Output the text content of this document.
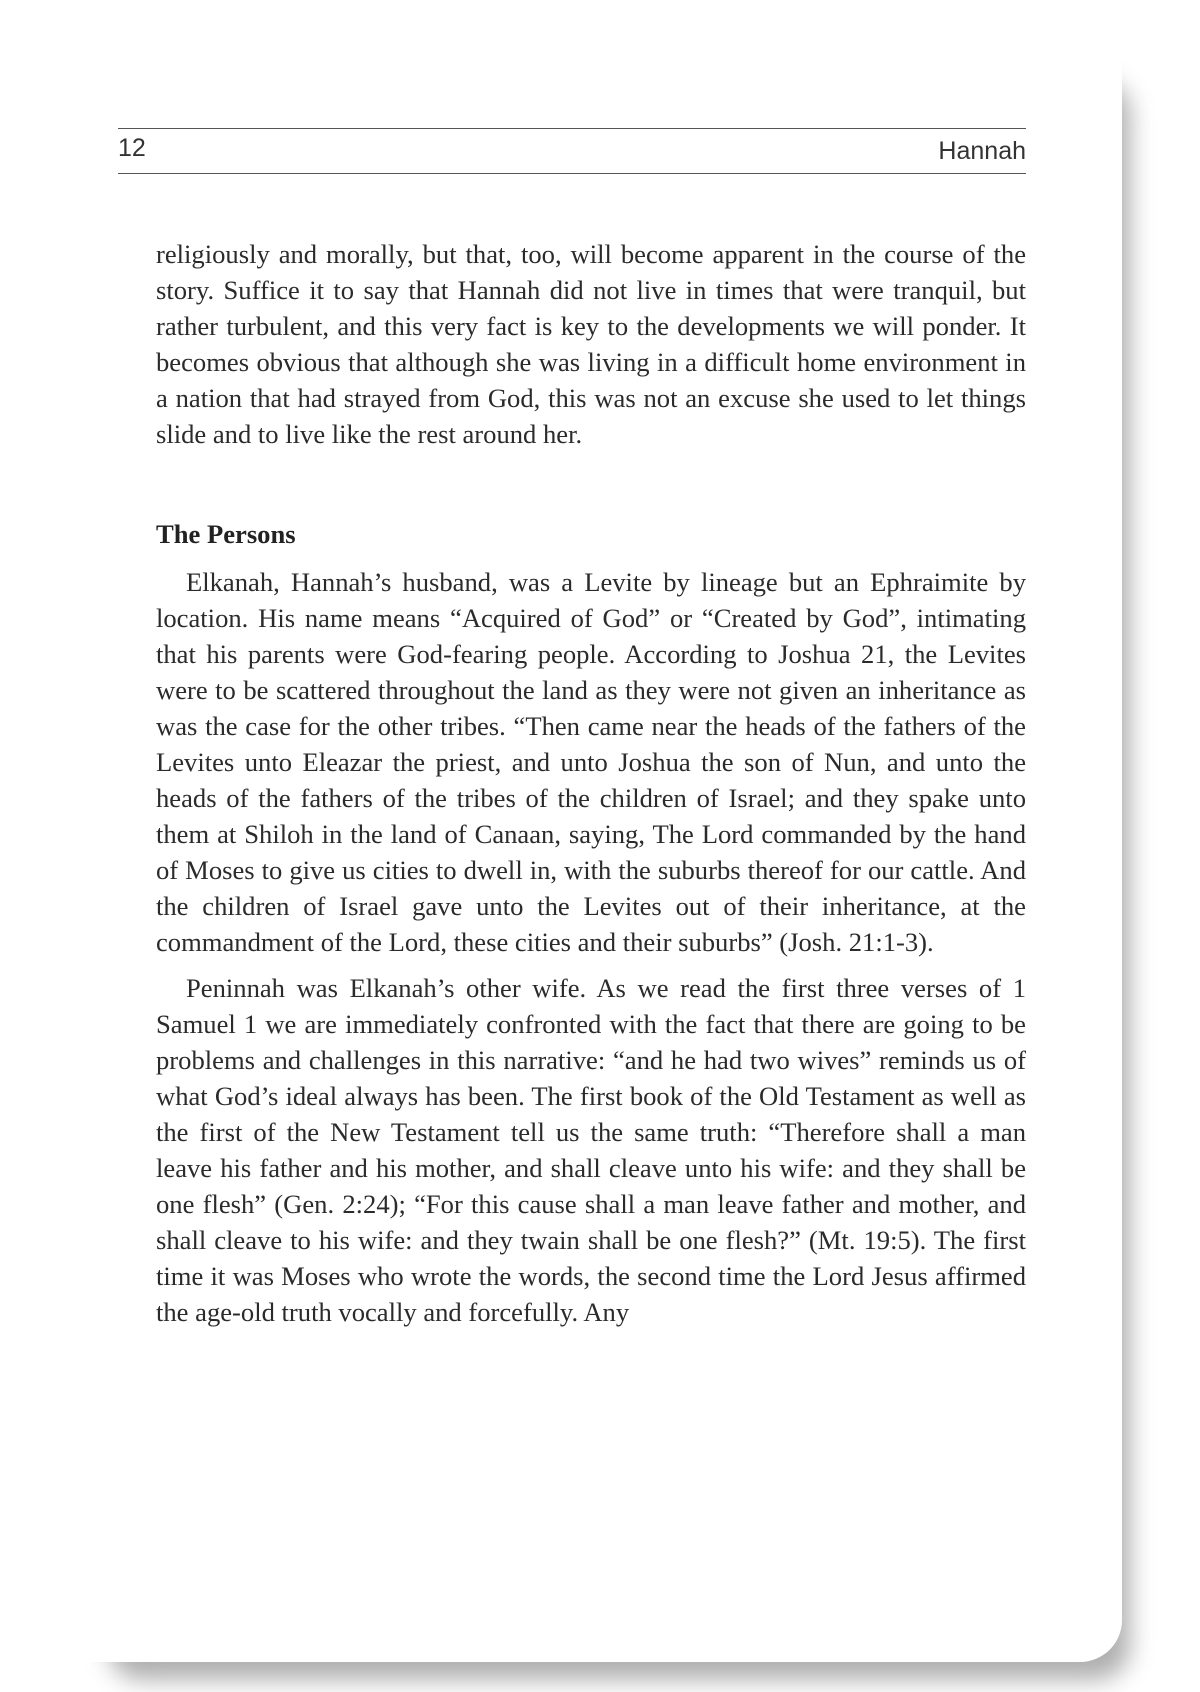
12	Hannah

religiously and morally, but that, too, will become apparent in the course of the story. Suffice it to say that Hannah did not live in times that were tranquil, but rather turbulent, and this very fact is key to the developments we will ponder. It becomes obvious that although she was living in a difficult home environment in a nation that had strayed from God, this was not an excuse she used to let things slide and to live like the rest around her.

The Persons

Elkanah, Hannah’s husband, was a Levite by lineage but an Ephraimite by location. His name means “Acquired of God” or “Created by God”, intimating that his parents were God-fearing people. According to Joshua 21, the Levites were to be scattered throughout the land as they were not given an inheritance as was the case for the other tribes. “Then came near the heads of the fathers of the Levites unto Eleazar the priest, and unto Joshua the son of Nun, and unto the heads of the fathers of the tribes of the children of Israel; and they spake unto them at Shiloh in the land of Canaan, saying, The Lord commanded by the hand of Moses to give us cities to dwell in, with the suburbs thereof for our cattle. And the children of Israel gave unto the Levites out of their inheritance, at the commandment of the Lord, these cities and their suburbs” (Josh. 21:1-3).

Peninnah was Elkanah’s other wife. As we read the first three verses of 1 Samuel 1 we are immediately confronted with the fact that there are going to be problems and challenges in this narrative: “and he had two wives” reminds us of what God’s ideal always has been. The first book of the Old Testament as well as the first of the New Testament tell us the same truth: “Therefore shall a man leave his father and his mother, and shall cleave unto his wife: and they shall be one flesh” (Gen. 2:24); “For this cause shall a man leave father and mother, and shall cleave to his wife: and they twain shall be one flesh?” (Mt. 19:5). The first time it was Moses who wrote the words, the second time the Lord Jesus affirmed the age-old truth vocally and forcefully. Any
